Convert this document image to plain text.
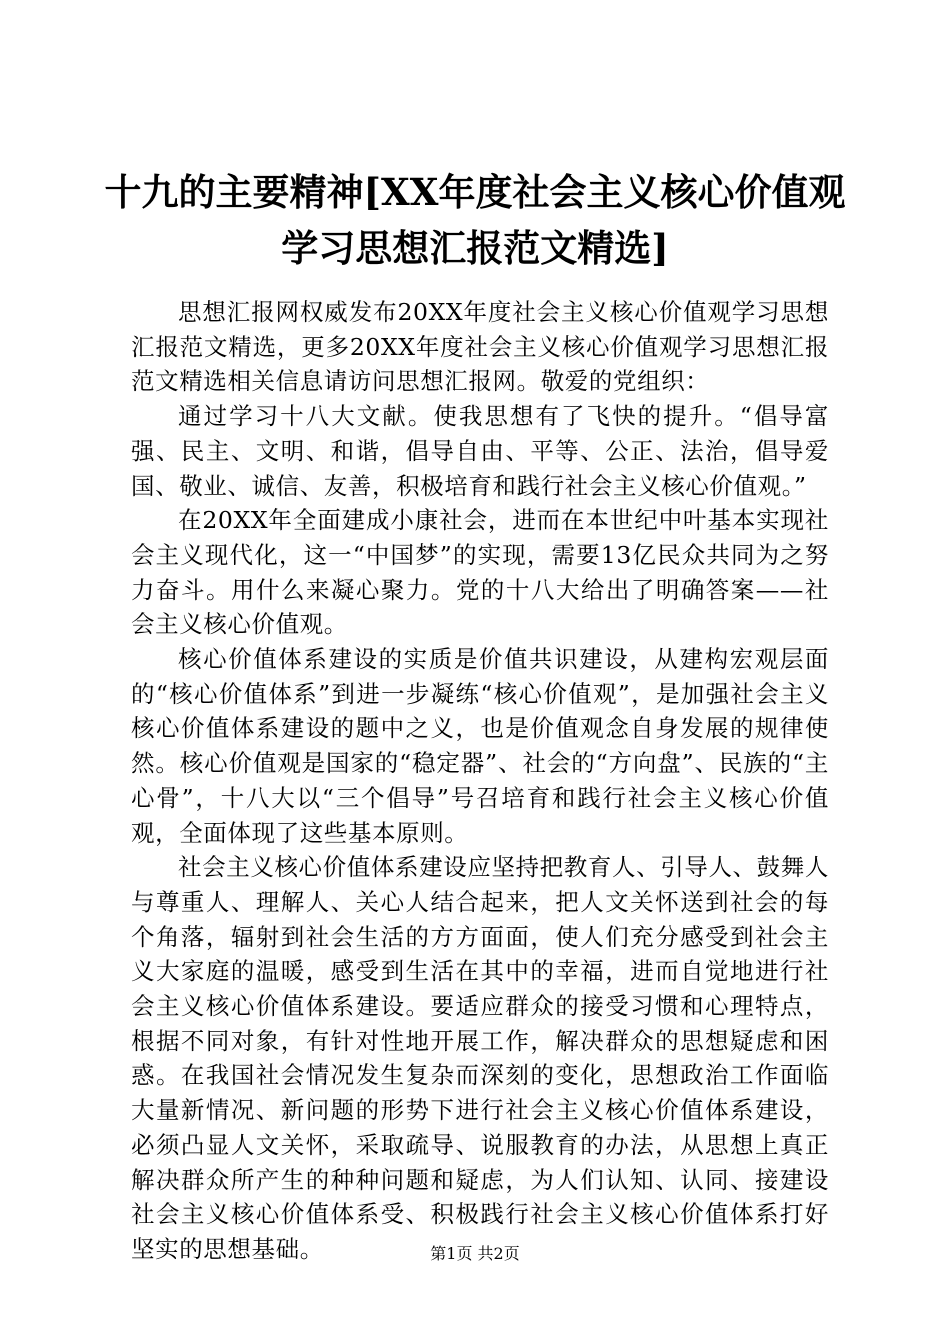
十九的主要精神[XX年度社会主义核心价值观
学习思想汇报范文精选]

思想汇报网权威发布20XX年度社会主义核心价值观学习思想汇报范文精选，更多20XX年度社会主义核心价值观学习思想汇报范文精选相关信息请访问思想汇报网。敬爱的党组织：

通过学习十八大文献。使我思想有了飞快的提升。“倡导富强、民主、文明、和谐，倡导自由、平等、公正、法治，倡导爱国、敬业、诚信、友善，积极培育和践行社会主义核心价值观。”

在20XX年全面建成小康社会，进而在本世纪中叶基本实现社会主义现代化，这一“中国梦”的实现，需要13亿民众共同为之努力奋斗。用什么来凝心聚力。党的十八大给出了明确答案——社会主义核心价值观。

核心价值体系建设的实质是价值共识建设，从建构宏观层面的“核心价值体系”到进一步凝练“核心价值观”，是加强社会主义核心价值体系建设的题中之义，也是价值观念自身发展的规律使然。核心价值观是国家的“稳定器”、社会的“方向盘”、民族的“主心骨”，十八大以“三个倡导”号召培育和践行社会主义核心价值观，全面体现了这些基本原则。

社会主义核心价值体系建设应坚持把教育人、引导人、鼓舞人与尊重人、理解人、关心人结合起来，把人文关怀送到社会的每个角落，辐射到社会生活的方方面面，使人们充分感受到社会主义大家庭的温暖，感受到生活在其中的幸福，进而自觉地进行社会主义核心价值体系建设。要适应群众的接受习惯和心理特点，根据不同对象，有针对性地开展工作，解决群众的思想疑虑和困惑。在我国社会情况发生复杂而深刻的变化，思想政治工作面临大量新情况、新问题的形势下进行社会主义核心价值体系建设，必须凸显人文关怀，采取疏导、说服教育的办法，从思想上真正解决群众所产生的种种问题和疑虑，为人们认知、认同、接建设社会主义核心价值体系受、积极践行社会主义核心价值体系打好坚实的思想基础。	第1页 共2页
